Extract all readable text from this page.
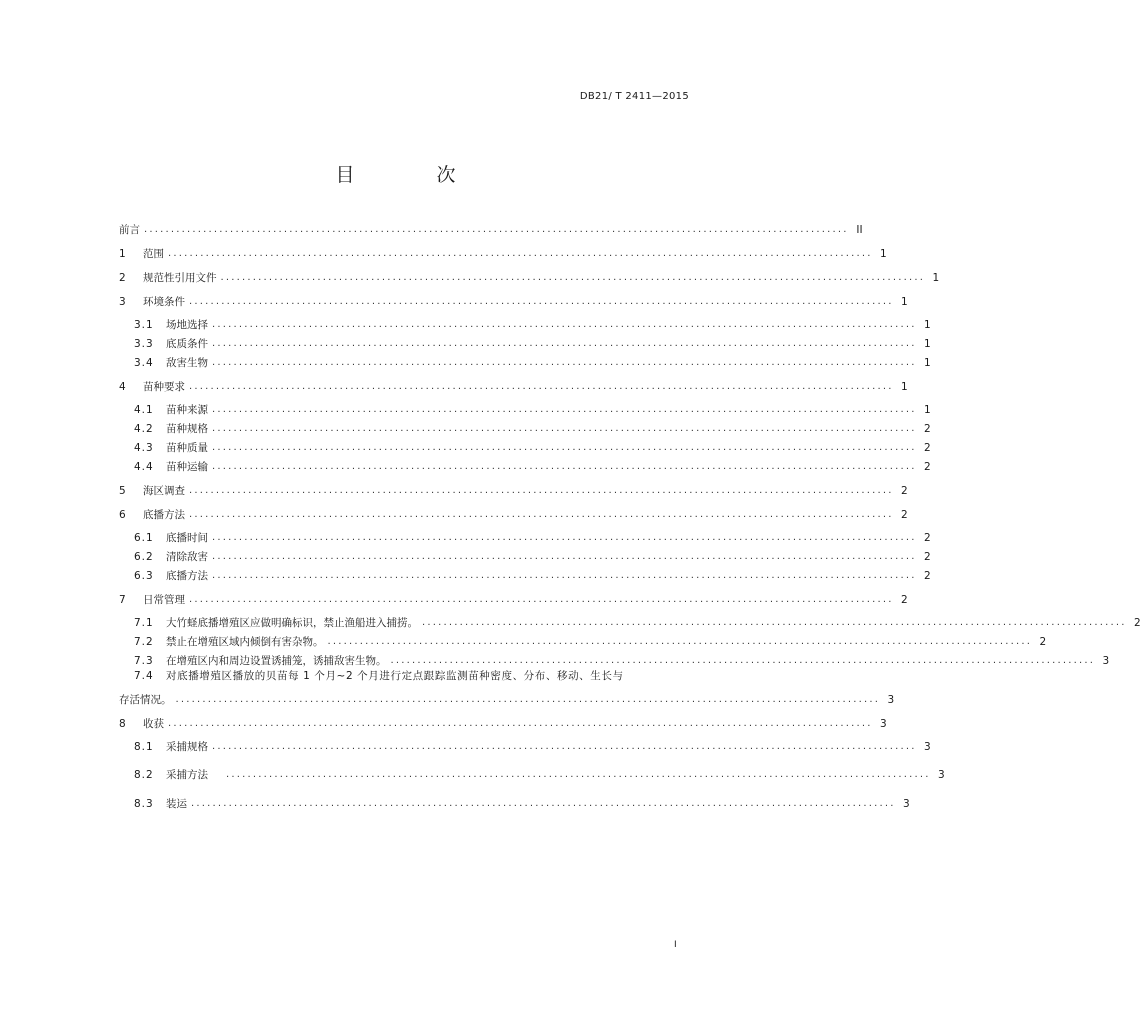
DB21/ T 2411—2015
目 次
前言 ................................................................................................................................... II
1	范围 ................................................................................................................................... 1
2	规范性引用文件 ................................................................................................................................... 1
3	环境条件 ................................................................................................................................... 1
3.1	场地选择 ................................................................................................................................... 1
3.3	底质条件 ................................................................................................................................... 1
3.4	敌害生物 ................................................................................................................................... 1
4	苗种要求 ................................................................................................................................... 1
4.1	苗种来源 ................................................................................................................................... 1
4.2	苗种规格 ................................................................................................................................... 2
4.3	苗种质量 ................................................................................................................................... 2
4.4	苗种运输 ................................................................................................................................... 2
5	海区调查 ................................................................................................................................... 2
6	底播方法 ................................................................................................................................... 2
6.1	底播时间 ................................................................................................................................... 2
6.2	清除敌害 ................................................................................................................................... 2
6.3	底播方法 ................................................................................................................................... 2
7	日常管理 ................................................................................................................................... 2
7.1	大竹蛏底播增殖区应做明确标识，禁止渔船进入捕捞。 ................................................................................................................................... 2
7.2	禁止在增殖区域内倾倒有害杂物。 ................................................................................................................................... 2
7.3	在增殖区内和周边设置诱捕笼，诱捕敌害生物。 ................................................................................................................................... 3
7.4 对底播增殖区播放的贝苗每 1 个月~2 个月进行定点跟踪监测苗种密度、分布、移动、生长与
存活情况。 ................................................................................................................................... 3
8	收获 ................................................................................................................................... 3
8.1	采捕规格 ................................................................................................................................... 3
8.2	采捕方法 ................................................................................................................................... 3
8.3	装运 ................................................................................................................................... 3
I
